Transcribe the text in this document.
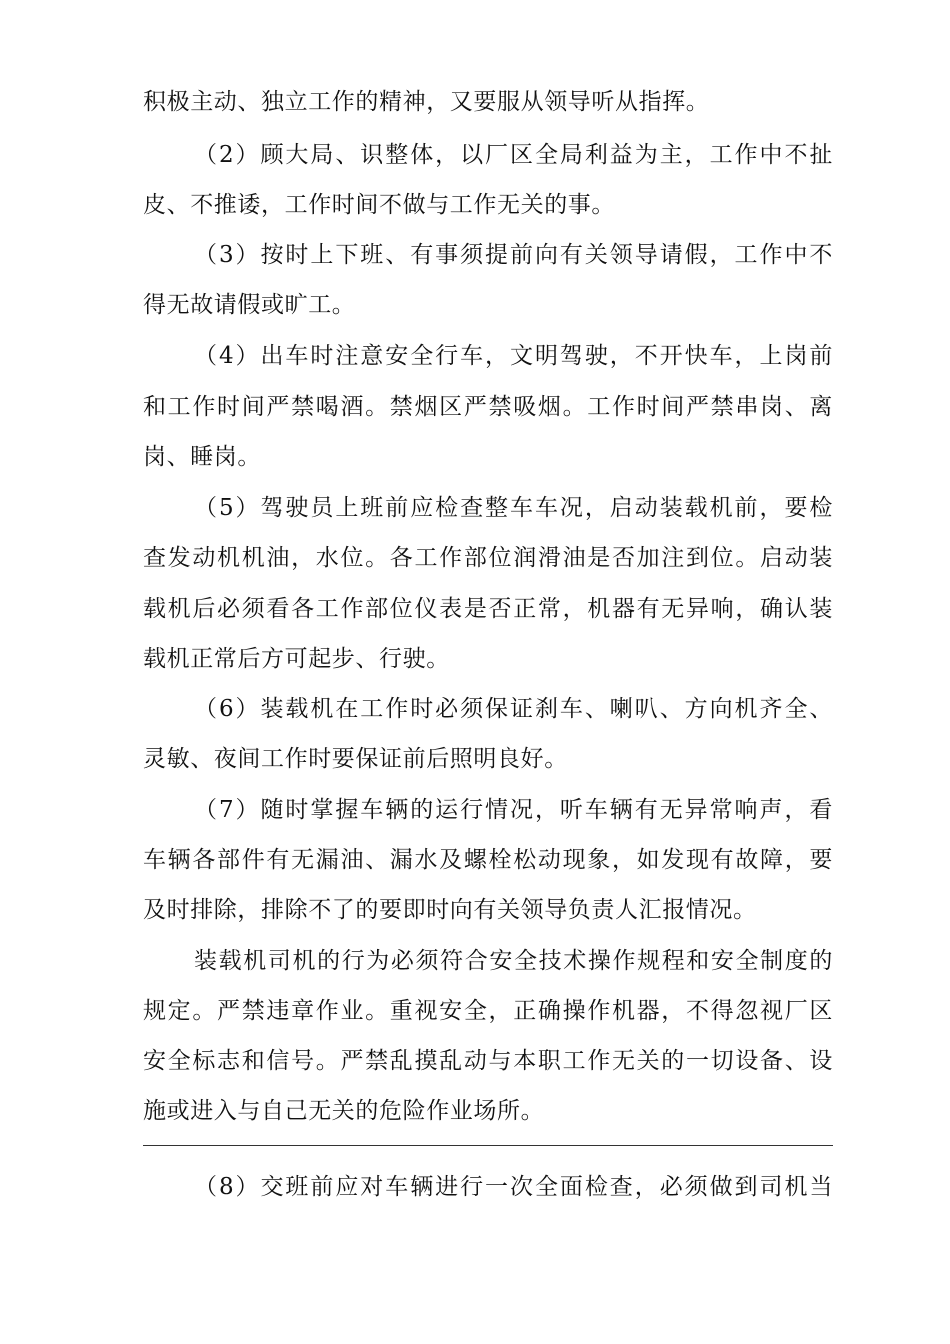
积极主动、独立工作的精神，又要服从领导听从指挥。
（2）顾大局、识整体，以厂区全局利益为主，工作中不扯
皮、不推诿，工作时间不做与工作无关的事。
（3）按时上下班、有事须提前向有关领导请假，工作中不
得无故请假或旷工。
（4）出车时注意安全行车，文明驾驶，不开快车，上岗前
和工作时间严禁喝酒。禁烟区严禁吸烟。工作时间严禁串岗、离
岗、睡岗。
（5）驾驶员上班前应检查整车车况，启动装载机前，要检
查发动机机油，水位。各工作部位润滑油是否加注到位。启动装
载机后必须看各工作部位仪表是否正常，机器有无异响，确认装
载机正常后方可起步、行驶。
（6）装载机在工作时必须保证刹车、喇叭、方向机齐全、
灵敏、夜间工作时要保证前后照明良好。
（7）随时掌握车辆的运行情况，听车辆有无异常响声，看
车辆各部件有无漏油、漏水及螺栓松动现象，如发现有故障，要
及时排除，排除不了的要即时向有关领导负责人汇报情况。
装载机司机的行为必须符合安全技术操作规程和安全制度的
规定。严禁违章作业。重视安全，正确操作机器，不得忽视厂区
安全标志和信号。严禁乱摸乱动与本职工作无关的一切设备、设
施或进入与自己无关的危险作业场所。
（8）交班前应对车辆进行一次全面检查，必须做到司机当
